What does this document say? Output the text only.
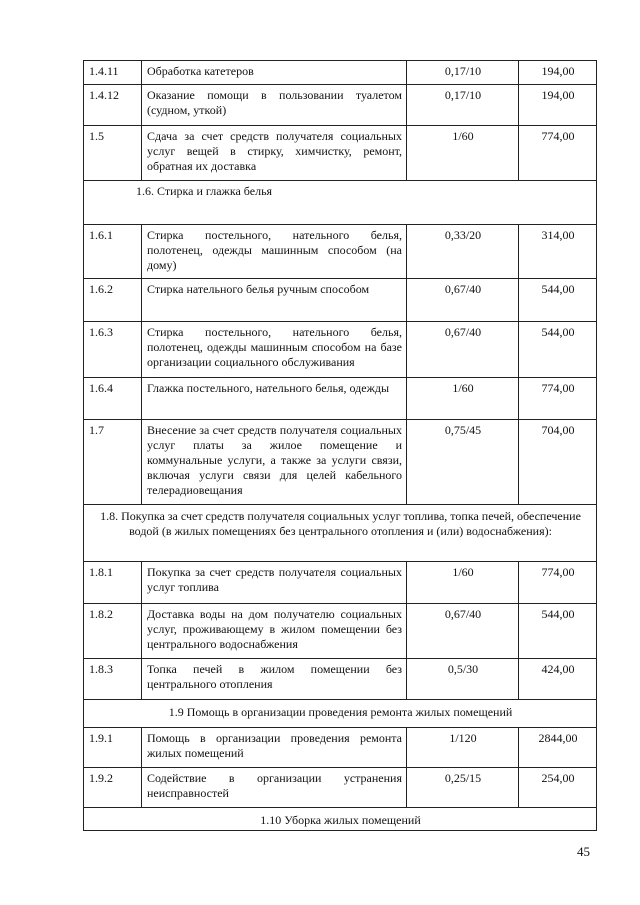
1.4.11	Обработка катетеров	0,17/10	194,00
1.4.12	Оказание помощи в пользовании туалетом (судном, уткой)	0,17/10	194,00
1.5	Сдача за счет средств получателя социальных услуг вещей в стирку, химчистку, ремонт, обратная их доставка	1/60	774,00
1.6. Стирка и глажка белья			
1.6.1	Стирка постельного, нательного белья, полотенец, одежды машинным способом (на дому)	0,33/20	314,00
1.6.2	Стирка нательного белья ручным способом	0,67/40	544,00
1.6.3	Стирка постельного, нательного белья, полотенец, одежды машинным способом на базе организации социального обслуживания	0,67/40	544,00
1.6.4	Глажка постельного, нательного белья, одежды	1/60	774,00
1.7	Внесение за счет средств получателя социальных услуг платы за жилое помещение и коммунальные услуги, а также за услуги связи, включая услуги связи для целей кабельного телерадиовещания	0,75/45	704,00
1.8. Покупка за счет средств получателя социальных услуг топлива, топка печей, обеспечение водой (в жилых помещениях без центрального отопления и (или) водоснабжения):			
1.8.1	Покупка за счет средств получателя социальных услуг топлива	1/60	774,00
1.8.2	Доставка воды на дом получателю социальных услуг, проживающему в жилом помещении без центрального водоснабжения	0,67/40	544,00
1.8.3	Топка печей в жилом помещении без центрального отопления	0,5/30	424,00
1.9 Помощь в организации проведения ремонта жилых помещений			
1.9.1	Помощь в организации проведения ремонта жилых помещений	1/120	2844,00
1.9.2	Содействие в организации устранения неисправностей	0,25/15	254,00
1.10 Уборка жилых помещений			
45
